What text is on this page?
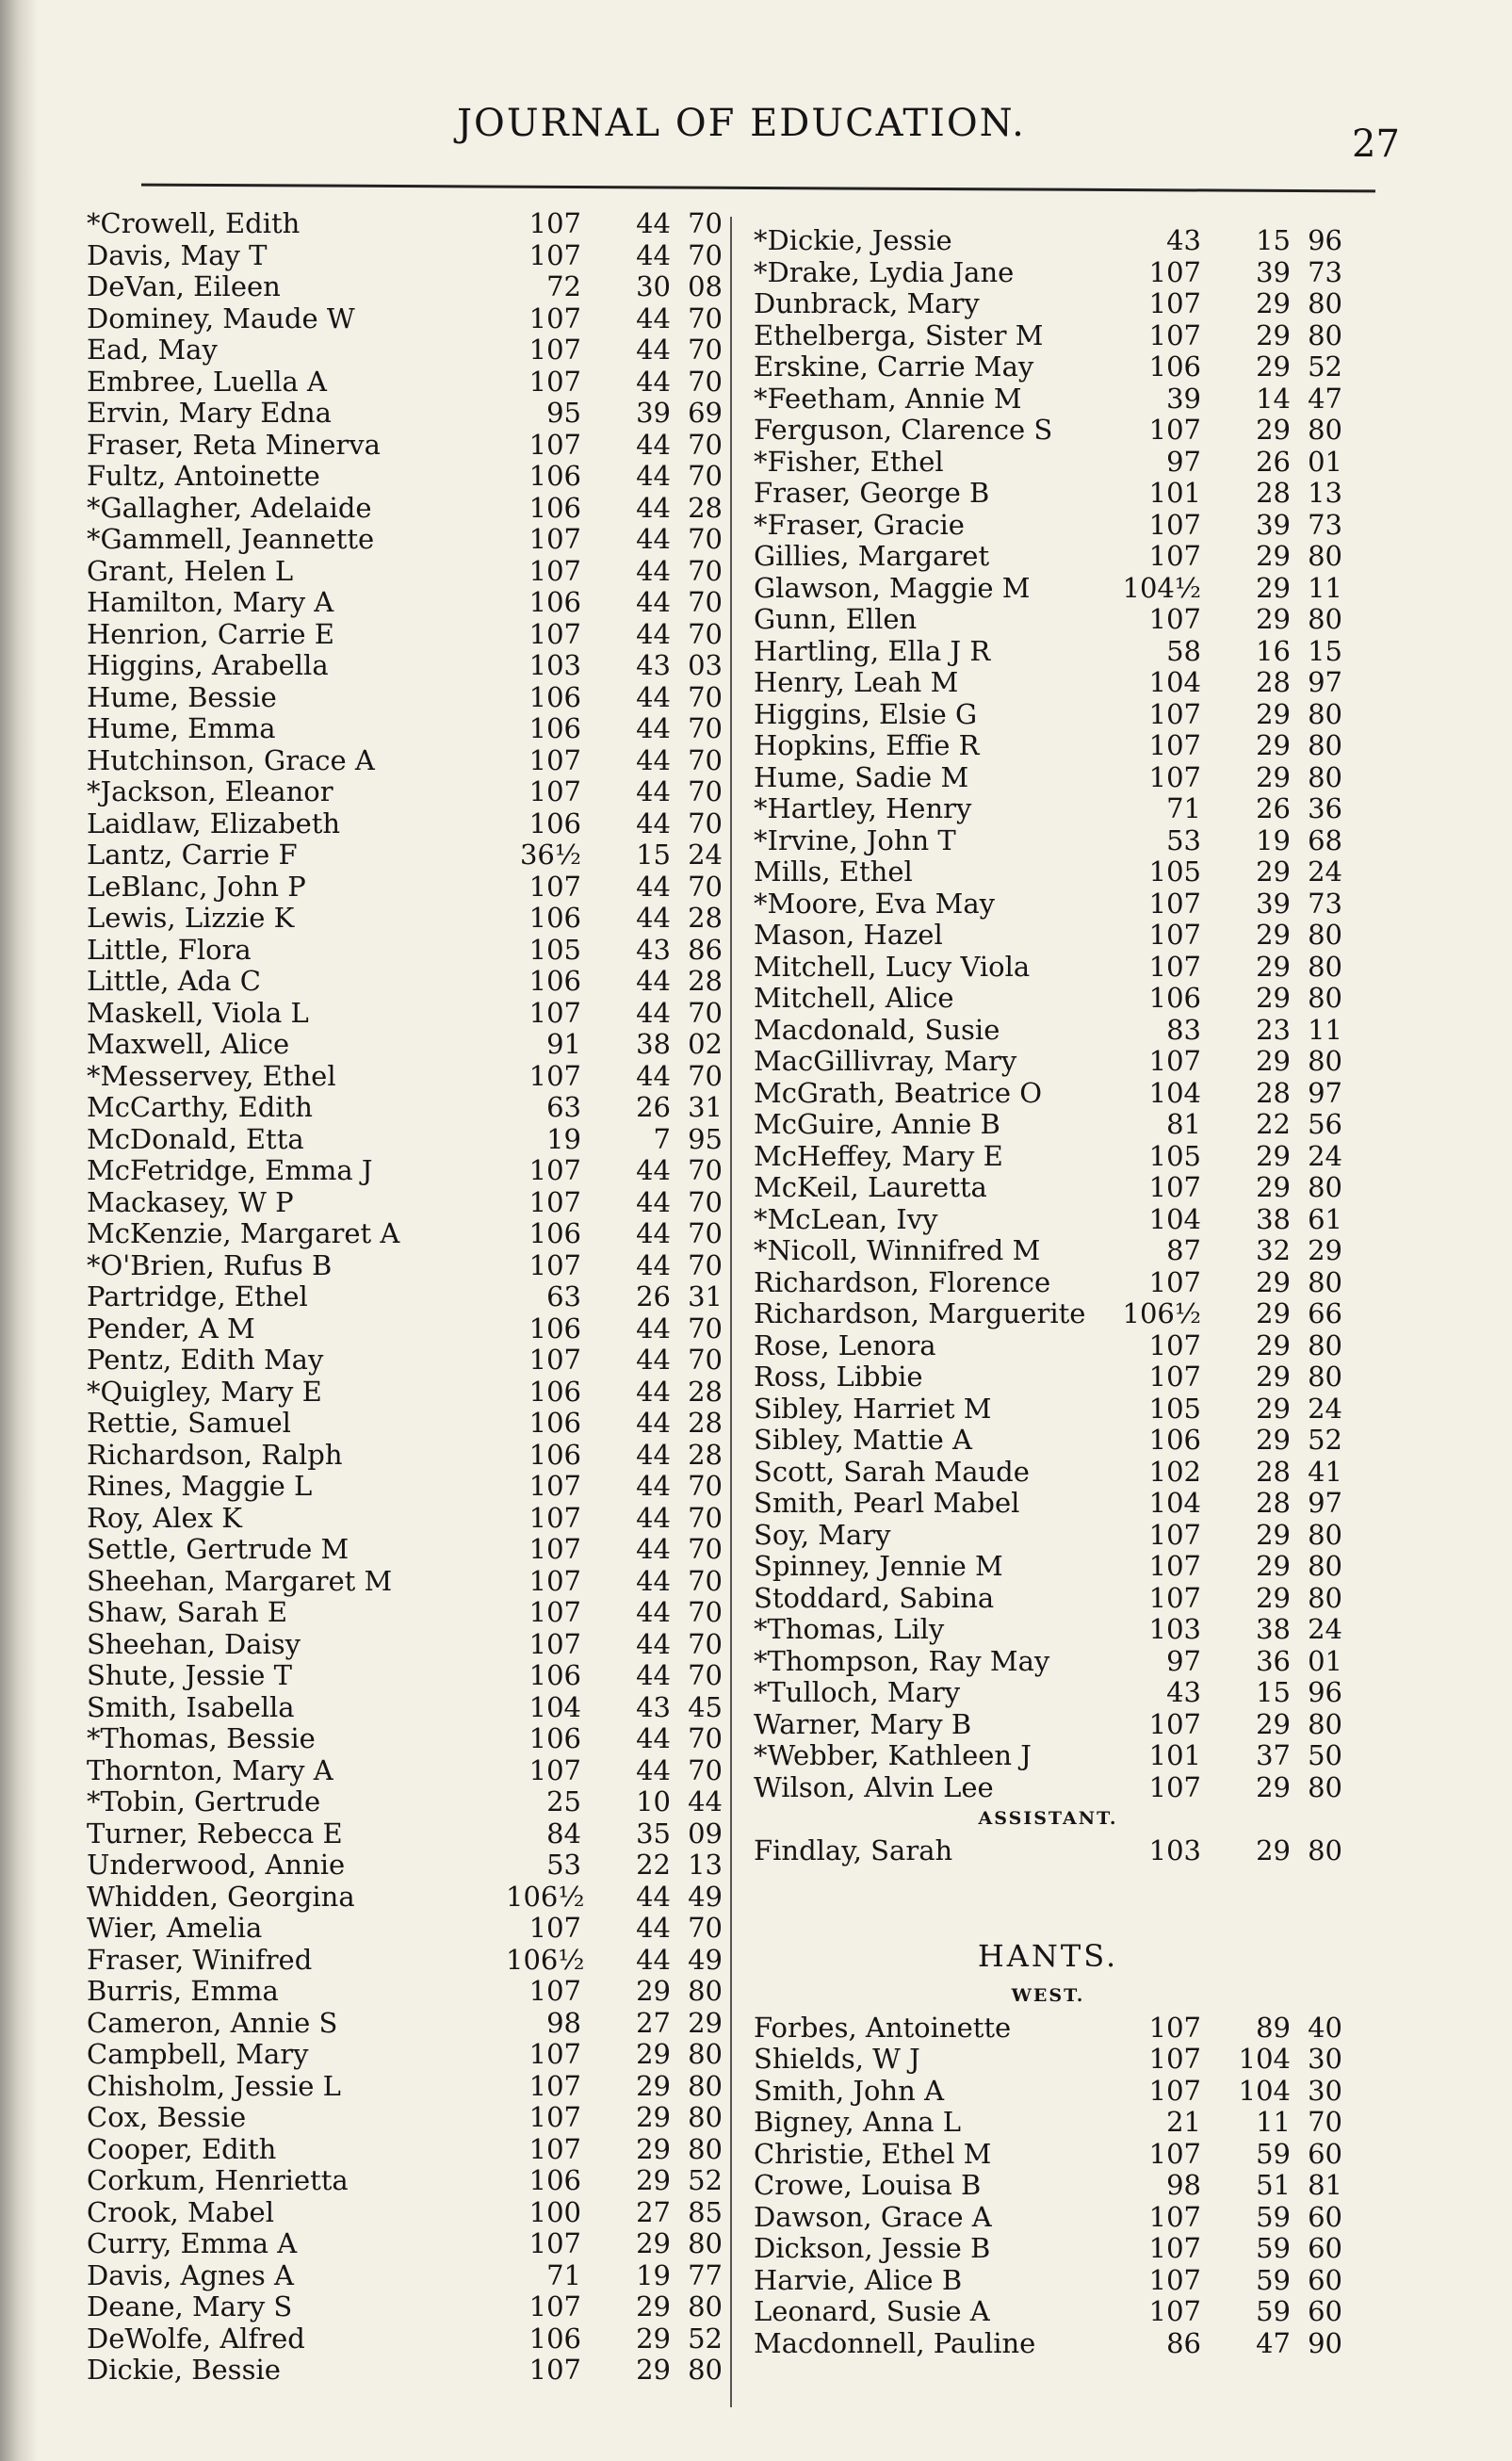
JOURNAL OF EDUCATION.	27
*Crowell, Edith	107	44 70
Davis, May T	107	44 70
DeVan, Eileen	72	30 08
Dominey, Maude W	107	44 70
Ead, May	107	44 70
Embree, Luella A	107	44 70
Ervin, Mary Edna	95	39 69
Fraser, Reta Minerva	107	44 70
Fultz, Antoinette	106	44 70
*Gallagher, Adelaide	106	44 28
*Gammell, Jeannette	107	44 70
Grant, Helen L	107	44 70
Hamilton, Mary A	106	44 70
Henrion, Carrie E	107	44 70
Higgins, Arabella	103	43 03
Hume, Bessie	106	44 70
Hume, Emma	106	44 70
Hutchinson, Grace A	107	44 70
*Jackson, Eleanor	107	44 70
Laidlaw, Elizabeth	106	44 70
Lantz, Carrie F	36½	15 24
LeBlanc, John P	107	44 70
Lewis, Lizzie K	106	44 28
Little, Flora	105	43 86
Little, Ada C	106	44 28
Maskell, Viola L	107	44 70
Maxwell, Alice	91	38 02
*Messervey, Ethel	107	44 70
McCarthy, Edith	63	26 31
McDonald, Etta	19	7 95
McFetridge, Emma J	107	44 70
Mackasey, W P	107	44 70
McKenzie, Margaret A	106	44 70
*O'Brien, Rufus B	107	44 70
Partridge, Ethel	63	26 31
Pender, A M	106	44 70
Pentz, Edith May	107	44 70
*Quigley, Mary E	106	44 28
Rettie, Samuel	106	44 28
Richardson, Ralph	106	44 28
Rines, Maggie L	107	44 70
Roy, Alex K	107	44 70
Settle, Gertrude M	107	44 70
Sheehan, Margaret M	107	44 70
Shaw, Sarah E	107	44 70
Sheehan, Daisy	107	44 70
Shute, Jessie T	106	44 70
Smith, Isabella	104	43 45
*Thomas, Bessie	106	44 70
Thornton, Mary A	107	44 70
*Tobin, Gertrude	25	10 44
Turner, Rebecca E	84	35 09
Underwood, Annie	53	22 13
Whidden, Georgina	106½	44 49
Wier, Amelia	107	44 70
Fraser, Winifred	106½	44 49
Burris, Emma	107	29 80
Cameron, Annie S	98	27 29
Campbell, Mary	107	29 80
Chisholm, Jessie L	107	29 80
Cox, Bessie	107	29 80
Cooper, Edith	107	29 80
Corkum, Henrietta	106	29 52
Crook, Mabel	100	27 85
Curry, Emma A	107	29 80
Davis, Agnes A	71	19 77
Deane, Mary S	107	29 80
DeWolfe, Alfred	106	29 52
Dickie, Bessie	107	29 80
*Dickie, Jessie	43	15 96
*Drake, Lydia Jane	107	39 73
Dunbrack, Mary	107	29 80
Ethelberga, Sister M	107	29 80
Erskine, Carrie May	106	29 52
*Feetham, Annie M	39	14 47
Ferguson, Clarence S	107	29 80
*Fisher, Ethel	97	26 01
Fraser, George B	101	28 13
*Fraser, Gracie	107	39 73
Gillies, Margaret	107	29 80
Glawson, Maggie M	104½	29 11
Gunn, Ellen	107	29 80
Hartling, Ella J R	58	16 15
Henry, Leah M	104	28 97
Higgins, Elsie G	107	29 80
Hopkins, Effie R	107	29 80
Hume, Sadie M	107	29 80
*Hartley, Henry	71	26 36
*Irvine, John T	53	19 68
Mills, Ethel	105	29 24
*Moore, Eva May	107	39 73
Mason, Hazel	107	29 80
Mitchell, Lucy Viola	107	29 80
Mitchell, Alice	106	29 80
Macdonald, Susie	83	23 11
MacGillivray, Mary	107	29 80
McGrath, Beatrice O	104	28 97
McGuire, Annie B	81	22 56
McHeffey, Mary E	105	29 24
McKeil, Lauretta	107	29 80
*McLean, Ivy	104	38 61
*Nicoll, Winnifred M	87	32 29
Richardson, Florence	107	29 80
Richardson, Marguerite	106½	29 66
Rose, Lenora	107	29 80
Ross, Libbie	107	29 80
Sibley, Harriet M	105	29 24
Sibley, Mattie A	106	29 52
Scott, Sarah Maude	102	28 41
Smith, Pearl Mabel	104	28 97
Soy, Mary	107	29 80
Spinney, Jennie M	107	29 80
Stoddard, Sabina	107	29 80
*Thomas, Lily	103	38 24
*Thompson, Ray May	97	36 01
*Tulloch, Mary	43	15 96
Warner, Mary B	107	29 80
*Webber, Kathleen J	101	37 50
Wilson, Alvin Lee	107	29 80
ASSISTANT.
Findlay, Sarah	103	29 80
HANTS.
WEST.
Forbes, Antoinette	107	89 40
Shields, W J	107	104 30
Smith, John A	107	104 30
Bigney, Anna L	21	11 70
Christie, Ethel M	107	59 60
Crowe, Louisa B	98	51 81
Dawson, Grace A	107	59 60
Dickson, Jessie B	107	59 60
Harvie, Alice B	107	59 60
Leonard, Susie A	107	59 60
Macdonnell, Pauline	86	47 90
